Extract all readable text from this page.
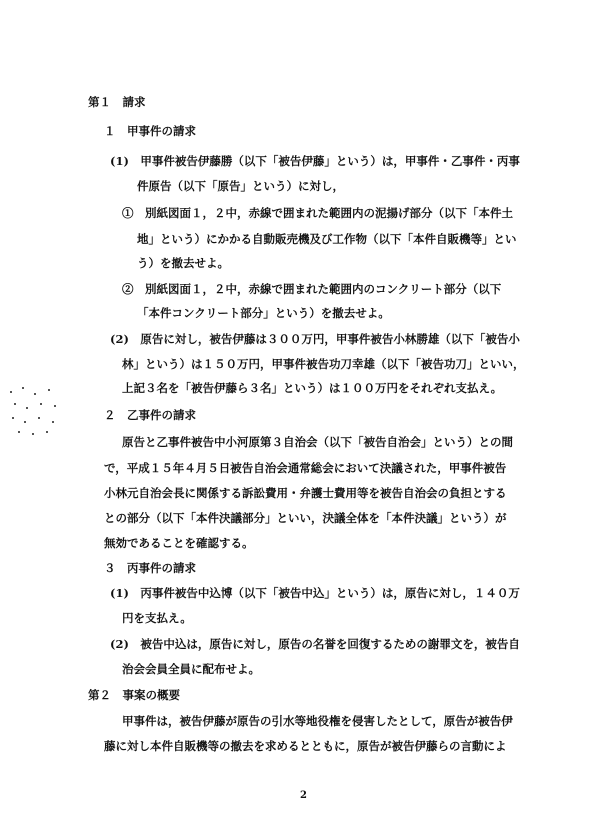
第１　請求
１　甲事件の請求
(1)　甲事件被告伊藤勝（以下「被告伊藤」という）は，甲事件・乙事件・丙事
件原告（以下「原告」という）に対し，
①　別紙図面１，２中，赤線で囲まれた範囲内の泥揚げ部分（以下「本件土
地」という）にかかる自動販売機及び工作物（以下「本件自販機等」とい
う）を撤去せよ。
②　別紙図面１，２中，赤線で囲まれた範囲内のコンクリート部分（以下
「本件コンクリート部分」という）を撤去せよ。
(2)　原告に対し，被告伊藤は３００万円，甲事件被告小林勝雄（以下「被告小
林」という）は１５０万円，甲事件被告功刀幸雄（以下「被告功刀」といい，
上記３名を「被告伊藤ら３名」という）は１００万円をそれぞれ支払え。
２　乙事件の請求
原告と乙事件被告中小河原第３自治会（以下「被告自治会」という）との間
で，平成１５年４月５日被告自治会通常総会において決議された，甲事件被告
小林元自治会長に関係する訴訟費用・弁護士費用等を被告自治会の負担とする
との部分（以下「本件決議部分」といい，決議全体を「本件決議」という）が
無効であることを確認する。
３　丙事件の請求
(1)　丙事件被告中込博（以下「被告中込」という）は，原告に対し，１４０万
円を支払え。
(2)　被告中込は，原告に対し，原告の名誉を回復するための謝罪文を，被告自
治会会員全員に配布せよ。
第２　事案の概要
甲事件は，被告伊藤が原告の引水等地役権を侵害したとして，原告が被告伊
藤に対し本件自販機等の撤去を求めるとともに，原告が被告伊藤らの言動によ
2
